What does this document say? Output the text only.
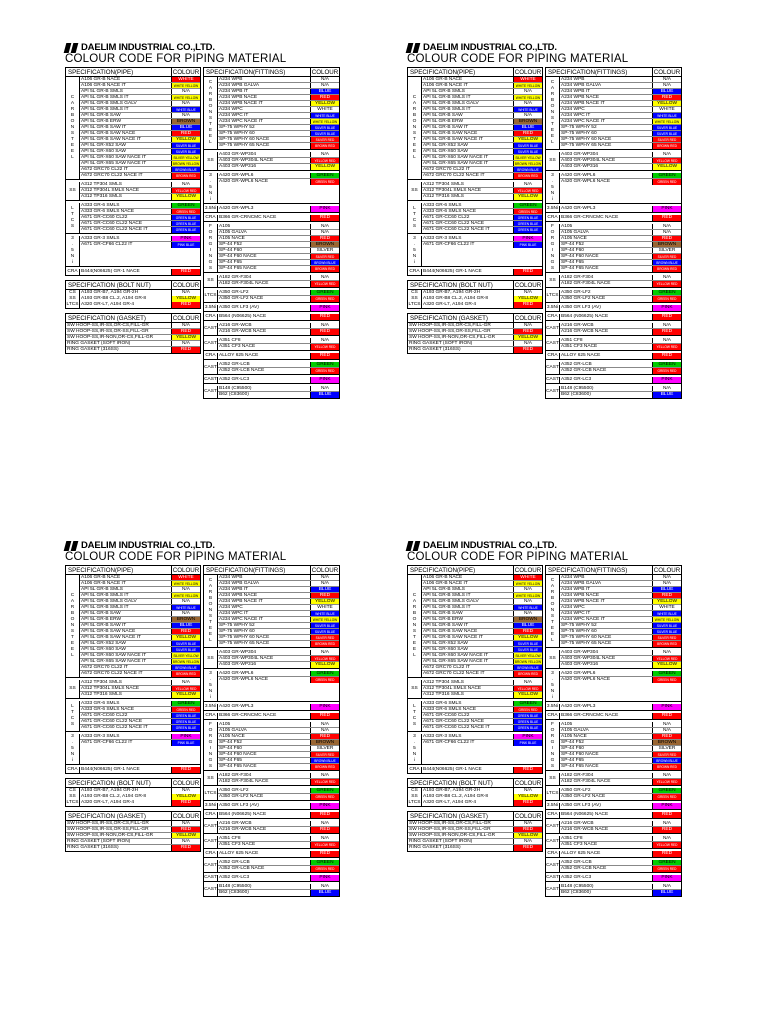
DAELIM INDUSTRIAL CO.,LTD.
COLOUR CODE FOR PIPING MATERIAL
SPECIFICATION(PIPE)	COLOUR
C
A
R
B
O
N
S
T
E
E
L
A106 GR-B NACE	WHITE
A106 GR-B NACE IT	WHITE YELLOW
API 5L GR-B SMLS	N/A
API 5L GR-B SMLS IT	WHITE YELLOW
API 5L GR-B SMLS GALV	N/A
API 5L GR-B SMLS IT	WHITE BLUE
API 5L GR-B SAW	N/A
API 5L GR-B ERW	BROWN
API 5L GR-B SAW IT	BLUE
API 5L GR-B SAW NACE	RED
API 5L GR-B SAW NACE IT	YELLOW
API 5L GR-X52 SAW	SILVER BLUE
API 5L GR-X60 SAW	SILVER BLUE
API 5L GR-X60 SAW NACE IT	SILVER YELLOW
API 5L GR-X65 SAW NACE IT	BROWN YELLOW
A672 GRC70 CL22 IT	BROWN BLUE
A672 GRC70 CL22 NACE IT	BROWN RED
SS
A312 TP304 SMLS	N/A
A312 TP304L SMLS NACE	YELLOW RED
A312 TP316 SMLS	YELLOW
L
T
C
S
A333 GR-6 SMLS	GREEN
A333 GR-6 SMLS NACE	GREEN RED
A671 GR-CC60 CL22	GREEN BLUE
A671 GR-CC60 CL22 NACE	GREEN BLUE
A671 GR-CC60 CL22 NACE IT	GREEN BLUE
3
.
5
N
i
A333 GR-3 SMLS	PINK
A671 GR-CF66 CL22 IT	PINK BLUE
CRA B444(N06625) GR-1 NACE	RED
SPECIFICATION (BOLT NUT)	COLOUR
CS	A193 GR-B7, A194 GR-2H	N/A
SS	A193 GR-B8 CL.2, A194 GR-8	YELLOW
LTCS A320 GR-L7, A194 GR-4	RED
SPECIFICATION (GASKET)	COLOUR
SW HOOP-SS,IR-SS,OR-CS,FILL-GR	N/A
SW HOOP-SS,IR-SS,OR-SS,FILL-GR	RED
SW HOOP-SS,IR-NON,OR-CS,FILL-GR	YELLOW
RING GASKET (SOFT IRON)	N/A
RING GASKET (316SS)	RED
SPECIFICATION(FITTINGS)	COLOUR
C
A
R
B
O
N
S
T
E
E
L
A234 WPB	N/A
A234 WPB GALVA	N/A
A234 WPB IT	BLUE
A234 WPB NACE	RED
A234 WPB NACE IT	YELLOW
A234 WPC	WHITE
A234 WPC IT	WHITE BLUE
A234 WPC NACE IT	WHITE YELLOW
SP-75 WPHY 52	SILVER BLUE
SP-75 WPHY 60	SILVER BLUE
SP-75 WPHY 60 NACE	SILVER RED
SP-75 WPHY 65 NACE	BROWN RED
SS
A403 GR-WP304	N/A
A403 GR-WP304L NACE	YELLOW RED
A403 GR-WP316	YELLOW
3
.
5
N
i
A420 GR-WPL6	GREEN
A420 GR-WPL6 NACE	GREEN RED
3.5Ni A420 GR-WPL3	PINK
CRA B366 GR-CRNCMC NACE	RED
F
O
R
G
I
N
G
S
A105	N/A
A105 GALVA	N/A
A105 NACE	RED
SP-44 F52	BROWN
SP-44 F60	SILVER
SP-44 F60 NACE	SILVER RED
SP-44 F65	BROWN BLUE
SP-44 F65 NACE	BROWN RED
SS
A182 GR-F304	N/A
A182 GR-F304L NACE	YELLOW RED
LTCS
A350 GR-LF2	GREEN
A350 GR-LF2 NACE	GREEN RED
3.5Ni A350 GR LF3 (AV)	PINK
CRA B564 (N06625) NACE	RED
CAST
A216 GR-WCB	N/A
A216 GR-WCB NACE	RED
CAST
A351 CF8	N/A
A351 CF3 NACE	YELLOW RED
CRA ALLOY 625 NACE	RED
CAST
A352 GR-LCB	GREEN
A352 GR-LCB NACE	GREEN RED
CAST A352 GR-LC3	PINK
CAST
B148 (C95500)	N/A
B62 (C83600)	BLUE
DAELIM INDUSTRIAL CO.,LTD.
COLOUR CODE FOR PIPING MATERIAL
SPECIFICATION(PIPE)	COLOUR
C
A
R
B
O
N
S
T
E
E
L
A106 GR-B NACE	WHITE
A106 GR-B NACE IT	WHITE YELLOW
API 5L GR-B SMLS	N/A
API 5L GR-B SMLS IT	WHITE YELLOW
API 5L GR-B SMLS GALV	N/A
API 5L GR-B SMLS IT	WHITE BLUE
API 5L GR-B SAW	N/A
API 5L GR-B ERW	BROWN
API 5L GR-B SAW IT	BLUE
API 5L GR-B SAW NACE	RED
API 5L GR-B SAW NACE IT	YELLOW
API 5L GR-X52 SAW	SILVER BLUE
API 5L GR-X60 SAW	SILVER BLUE
API 5L GR-X60 SAW NACE IT	SILVER YELLOW
API 5L GR-X65 SAW NACE IT	BROWN YELLOW
A672 GRC70 CL22 IT	BROWN BLUE
A672 GRC70 CL22 NACE IT	BROWN RED
SS
A312 TP304 SMLS	N/A
A312 TP304L SMLS NACE	YELLOW RED
A312 TP316 SMLS	YELLOW
L
T
C
S
A333 GR-6 SMLS	GREEN
A333 GR-6 SMLS NACE	GREEN RED
A671 GR-CC60 CL22	GREEN BLUE
A671 GR-CC60 CL22 NACE	GREEN BLUE
A671 GR-CC60 CL22 NACE IT	GREEN BLUE
3
.
5
N
i
A333 GR-3 SMLS	PINK
A671 GR-CF66 CL22 IT	PINK BLUE
CRA B444(N06625) GR-1 NACE	RED
SPECIFICATION (BOLT NUT)	COLOUR
CS	A193 GR-B7, A194 GR-2H	N/A
SS	A193 GR-B8 CL.2, A194 GR-8	YELLOW
LTCS A320 GR-L7, A194 GR-4	RED
SPECIFICATION (GASKET)	COLOUR
SW HOOP-SS,IR-SS,OR-CS,FILL-GR	N/A
SW HOOP-SS,IR-SS,OR-SS,FILL-GR	RED
SW HOOP-SS,IR-NON,OR-CS,FILL-GR	YELLOW
RING GASKET (SOFT IRON)	N/A
RING GASKET (316SS)	RED
SPECIFICATION(FITTINGS)	COLOUR
C
A
R
B
O
N
S
T
E
E
L
A234 WPB	N/A
A234 WPB GALVA	N/A
A234 WPB IT	BLUE
A234 WPB NACE	RED
A234 WPB NACE IT	YELLOW
A234 WPC	WHITE
A234 WPC IT	WHITE BLUE
A234 WPC NACE IT	WHITE YELLOW
SP-75 WPHY 52	SILVER BLUE
SP-75 WPHY 60	SILVER BLUE
SP-75 WPHY 60 NACE	SILVER RED
SP-75 WPHY 65 NACE	BROWN RED
SS
A403 GR-WP304	N/A
A403 GR-WP304L NACE	YELLOW RED
A403 GR-WP316	YELLOW
3
.
5
N
i
A420 GR-WPL6	GREEN
A420 GR-WPL6 NACE	GREEN RED
3.5Ni A420 GR-WPL3	PINK
CRA B366 GR-CRNCMC NACE	RED
F
O
R
G
I
N
G
S
A105	N/A
A105 GALVA	N/A
A105 NACE	RED
SP-44 F52	BROWN
SP-44 F60	SILVER
SP-44 F60 NACE	SILVER RED
SP-44 F65	BROWN BLUE
SP-44 F65 NACE	BROWN RED
SS
A182 GR-F304	N/A
A182 GR-F304L NACE	YELLOW RED
LTCS
A350 GR-LF2	GREEN
A350 GR-LF2 NACE	GREEN RED
3.5Ni A350 GR LF3 (AV)	PINK
CRA B564 (N06625) NACE	RED
CAST
A216 GR-WCB	N/A
A216 GR-WCB NACE	RED
CAST
A351 CF8	N/A
A351 CF3 NACE	YELLOW RED
CRA ALLOY 625 NACE	RED
CAST
A352 GR-LCB	GREEN
A352 GR-LCB NACE	GREEN RED
CAST A352 GR-LC3	PINK
CAST
B148 (C95500)	N/A
B62 (C83600)	BLUE
DAELIM INDUSTRIAL CO.,LTD.
COLOUR CODE FOR PIPING MATERIAL
SPECIFICATION(PIPE)	COLOUR
C
A
R
B
O
N
S
T
E
E
L
A106 GR-B NACE	WHITE
A106 GR-B NACE IT	WHITE YELLOW
API 5L GR-B SMLS	N/A
API 5L GR-B SMLS IT	WHITE YELLOW
API 5L GR-B SMLS GALV	N/A
API 5L GR-B SMLS IT	WHITE BLUE
API 5L GR-B SAW	N/A
API 5L GR-B ERW	BROWN
API 5L GR-B SAW IT	BLUE
API 5L GR-B SAW NACE	RED
API 5L GR-B SAW NACE IT	YELLOW
API 5L GR-X52 SAW	SILVER BLUE
API 5L GR-X60 SAW	SILVER BLUE
API 5L GR-X60 SAW NACE IT	SILVER YELLOW
API 5L GR-X65 SAW NACE IT	BROWN YELLOW
A672 GRC70 CL22 IT	BROWN BLUE
A672 GRC70 CL22 NACE IT	BROWN RED
SS
A312 TP304 SMLS	N/A
A312 TP304L SMLS NACE	YELLOW RED
A312 TP316 SMLS	YELLOW
L
T
C
S
A333 GR-6 SMLS	GREEN
A333 GR-6 SMLS NACE	GREEN RED
A671 GR-CC60 CL22	GREEN BLUE
A671 GR-CC60 CL22 NACE	GREEN BLUE
A671 GR-CC60 CL22 NACE IT	GREEN BLUE
3
.
5
N
i
A333 GR-3 SMLS	PINK
A671 GR-CF66 CL22 IT	PINK BLUE
CRA B444(N06625) GR-1 NACE	RED
SPECIFICATION (BOLT NUT)	COLOUR
CS	A193 GR-B7, A194 GR-2H	N/A
SS	A193 GR-B8 CL.2, A194 GR-8	YELLOW
LTCS A320 GR-L7, A194 GR-4	RED
SPECIFICATION (GASKET)	COLOUR
SW HOOP-SS,IR-SS,OR-CS,FILL-GR	N/A
SW HOOP-SS,IR-SS,OR-SS,FILL-GR	RED
SW HOOP-SS,IR-NON,OR-CS,FILL-GR	YELLOW
RING GASKET (SOFT IRON)	N/A
RING GASKET (316SS)	RED
SPECIFICATION(FITTINGS)	COLOUR
C
A
R
B
O
N
S
T
E
E
L
A234 WPB	N/A
A234 WPB GALVA	N/A
A234 WPB IT	BLUE
A234 WPB NACE	RED
A234 WPB NACE IT	YELLOW
A234 WPC	WHITE
A234 WPC IT	WHITE BLUE
A234 WPC NACE IT	WHITE YELLOW
SP-75 WPHY 52	SILVER BLUE
SP-75 WPHY 60	SILVER BLUE
SP-75 WPHY 60 NACE	SILVER RED
SP-75 WPHY 65 NACE	BROWN RED
SS
A403 GR-WP304	N/A
A403 GR-WP304L NACE	YELLOW RED
A403 GR-WP316	YELLOW
3
.
5
N
i
A420 GR-WPL6	GREEN
A420 GR-WPL6 NACE	GREEN RED
3.5Ni A420 GR-WPL3	PINK
CRA B366 GR-CRNCMC NACE	RED
F
O
R
G
I
N
G
S
A105	N/A
A105 GALVA	N/A
A105 NACE	RED
SP-44 F52	BROWN
SP-44 F60	SILVER
SP-44 F60 NACE	SILVER RED
SP-44 F65	BROWN BLUE
SP-44 F65 NACE	BROWN RED
SS
A182 GR-F304	N/A
A182 GR-F304L NACE	YELLOW RED
LTCS
A350 GR-LF2	GREEN
A350 GR-LF2 NACE	GREEN RED
3.5Ni A350 GR LF3 (AV)	PINK
CRA B564 (N06625) NACE	RED
CAST
A216 GR-WCB	N/A
A216 GR-WCB NACE	RED
CAST
A351 CF8	N/A
A351 CF3 NACE	YELLOW RED
CRA ALLOY 625 NACE	RED
CAST
A352 GR-LCB	GREEN
A352 GR-LCB NACE	GREEN RED
CAST A352 GR-LC3	PINK
CAST
B148 (C95500)	N/A
B62 (C83600)	BLUE
DAELIM INDUSTRIAL CO.,LTD.
COLOUR CODE FOR PIPING MATERIAL
SPECIFICATION(PIPE)	COLOUR
C
A
R
B
O
N
S
T
E
E
L
A106 GR-B NACE	WHITE
A106 GR-B NACE IT	WHITE YELLOW
API 5L GR-B SMLS	N/A
API 5L GR-B SMLS IT	WHITE YELLOW
API 5L GR-B SMLS GALV	N/A
API 5L GR-B SMLS IT	WHITE BLUE
API 5L GR-B SAW	N/A
API 5L GR-B ERW	BROWN
API 5L GR-B SAW IT	BLUE
API 5L GR-B SAW NACE	RED
API 5L GR-B SAW NACE IT	YELLOW
API 5L GR-X52 SAW	SILVER BLUE
API 5L GR-X60 SAW	SILVER BLUE
API 5L GR-X60 SAW NACE IT	SILVER YELLOW
API 5L GR-X65 SAW NACE IT	BROWN YELLOW
A672 GRC70 CL22 IT	BROWN BLUE
A672 GRC70 CL22 NACE IT	BROWN RED
SS
A312 TP304 SMLS	N/A
A312 TP304L SMLS NACE	YELLOW RED
A312 TP316 SMLS	YELLOW
L
T
C
S
A333 GR-6 SMLS	GREEN
A333 GR-6 SMLS NACE	GREEN RED
A671 GR-CC60 CL22	GREEN BLUE
A671 GR-CC60 CL22 NACE	GREEN BLUE
A671 GR-CC60 CL22 NACE IT	GREEN BLUE
3
.
5
N
i
A333 GR-3 SMLS	PINK
A671 GR-CF66 CL22 IT	PINK BLUE
CRA B444(N06625) GR-1 NACE	RED
SPECIFICATION (BOLT NUT)	COLOUR
CS	A193 GR-B7, A194 GR-2H	N/A
SS	A193 GR-B8 CL.2, A194 GR-8	YELLOW
LTCS A320 GR-L7, A194 GR-4	RED
SPECIFICATION (GASKET)	COLOUR
SW HOOP-SS,IR-SS,OR-CS,FILL-GR	N/A
SW HOOP-SS,IR-SS,OR-SS,FILL-GR	RED
SW HOOP-SS,IR-NON,OR-CS,FILL-GR	YELLOW
RING GASKET (SOFT IRON)	N/A
RING GASKET (316SS)	RED
SPECIFICATION(FITTINGS)	COLOUR
C
A
R
B
O
N
S
T
E
E
L
A234 WPB	N/A
A234 WPB GALVA	N/A
A234 WPB IT	BLUE
A234 WPB NACE	RED
A234 WPB NACE IT	YELLOW
A234 WPC	WHITE
A234 WPC IT	WHITE BLUE
A234 WPC NACE IT	WHITE YELLOW
SP-75 WPHY 52	SILVER BLUE
SP-75 WPHY 60	SILVER BLUE
SP-75 WPHY 60 NACE	SILVER RED
SP-75 WPHY 65 NACE	BROWN RED
SS
A403 GR-WP304	N/A
A403 GR-WP304L NACE	YELLOW RED
A403 GR-WP316	YELLOW
3
.
5
N
i
A420 GR-WPL6	GREEN
A420 GR-WPL6 NACE	GREEN RED
3.5Ni A420 GR-WPL3	PINK
CRA B366 GR-CRNCMC NACE	RED
F
O
R
G
I
N
G
S
A105	N/A
A105 GALVA	N/A
A105 NACE	RED
SP-44 F52	BROWN
SP-44 F60	SILVER
SP-44 F60 NACE	SILVER RED
SP-44 F65	BROWN BLUE
SP-44 F65 NACE	BROWN RED
SS
A182 GR-F304	N/A
A182 GR-F304L NACE	YELLOW RED
LTCS
A350 GR-LF2	GREEN
A350 GR-LF2 NACE	GREEN RED
3.5Ni A350 GR LF3 (AV)	PINK
CRA B564 (N06625) NACE	RED
CAST
A216 GR-WCB	N/A
A216 GR-WCB NACE	RED
CAST
A351 CF8	N/A
A351 CF3 NACE	YELLOW RED
CRA ALLOY 625 NACE	RED
CAST
A352 GR-LCB	GREEN
A352 GR-LCB NACE	GREEN RED
CAST A352 GR-LC3	PINK
CAST
B148 (C95500)	N/A
B62 (C83600)	BLUE
